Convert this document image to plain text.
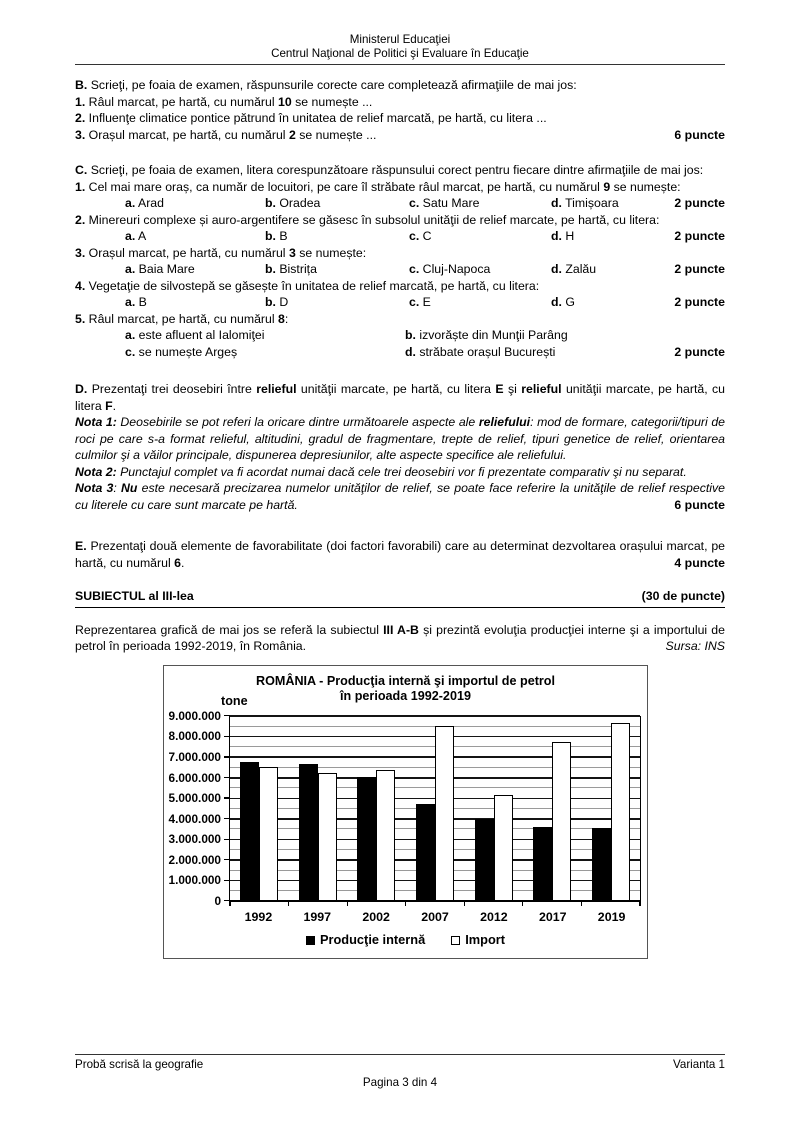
Ministerul Educaţiei
Centrul Naţional de Politici şi Evaluare în Educaţie
B. Scrieţi, pe foaia de examen, răspunsurile corecte care completează afirmaţiile de mai jos:
1. Râul marcat, pe hartă, cu numărul 10 se numește ...
2. Influenţe climatice pontice pătrund în unitatea de relief marcată, pe hartă, cu litera ...
3. Orașul marcat, pe hartă, cu numărul 2 se numește ...	6 puncte
C. Scrieţi, pe foaia de examen, litera corespunzătoare răspunsului corect pentru fiecare dintre afirmaţiile de mai jos:
1. Cel mai mare oraș, ca număr de locuitori, pe care îl străbate râul marcat, pe hartă, cu numărul 9 se numește:
a. Arad	b. Oradea	c. Satu Mare	d. Timișoara	2 puncte
2. Minereuri complexe și auro-argentifere se găsesc în subsolul unităţii de relief marcate, pe hartă, cu litera:
a. A	b. B	c. C	d. H	2 puncte
3. Orașul marcat, pe hartă, cu numărul 3 se numește:
a. Baia Mare	b. Bistrița	c. Cluj-Napoca	d. Zalău	2 puncte
4. Vegetaţie de silvostepă se găsește în unitatea de relief marcată, pe hartă, cu litera:
a. B	b. D	c. E	d. G	2 puncte
5. Râul marcat, pe hartă, cu numărul 8:
a. este afluent al Ialomiţei	b. izvorăște din Munţii Parâng
c. se numește Argeș	d. străbate orașul București	2 puncte
D. Prezentaţi trei deosebiri între relieful unităţii marcate, pe hartă, cu litera E şi relieful unităţii marcate, pe hartă, cu litera F.
Nota 1: Deosebirile se pot referi la oricare dintre următoarele aspecte ale reliefului: mod de formare, categorii/tipuri de roci pe care s-a format relieful, altitudini, gradul de fragmentare, trepte de relief, tipuri genetice de relief, orientarea culmilor şi a văilor principale, dispunerea depresiunilor, alte aspecte specifice ale reliefului.
Nota 2: Punctajul complet va fi acordat numai dacă cele trei deosebiri vor fi prezentate comparativ şi nu separat.
Nota 3: Nu este necesară precizarea numelor unităţilor de relief, se poate face referire la unităţile de relief respective cu literele cu care sunt marcate pe hartă.	6 puncte
E. Prezentaţi două elemente de favorabilitate (doi factori favorabili) care au determinat dezvoltarea orașului marcat, pe hartă, cu numărul 6.	4 puncte
SUBIECTUL al III-lea	(30 de puncte)
Reprezentarea grafică de mai jos se referă la subiectul III A-B și prezintă evoluţia producţiei interne şi a importului de petrol în perioada 1992-2019, în România.	Sursa: INS
ROMÂNIA - Producţia internă şi importul de petrol
în perioada 1992-2019
tone
0
1.000.000
2.000.000
3.000.000
4.000.000
5.000.000
6.000.000
7.000.000
8.000.000
9.000.000
1992	1997	2002	2007	2012	2017	2019
Producţie internă	Import
Probă scrisă la geografie	Varianta 1
Pagina 3 din 4
